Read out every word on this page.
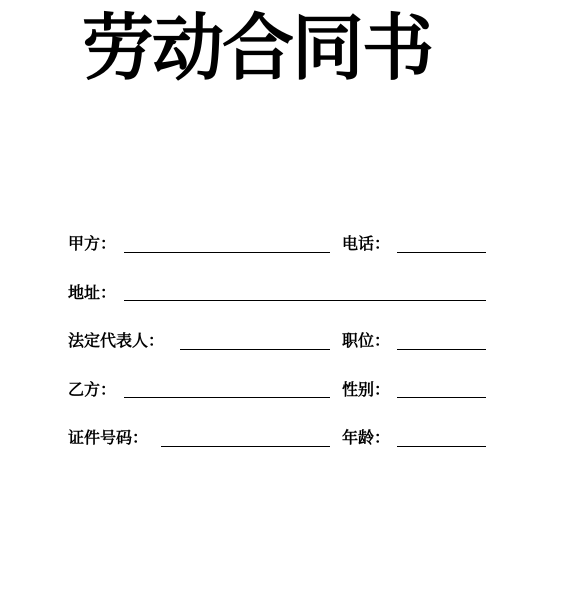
劳动合同书
甲方：	电话：
地址：
法定代表人：	职位：
乙方：	性别：
证件号码：	年龄：
